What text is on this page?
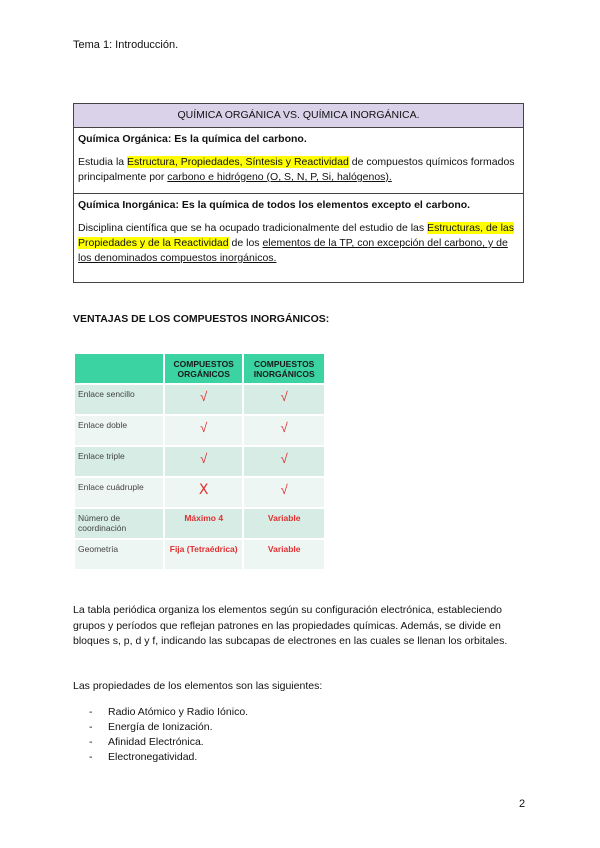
Tema 1: Introducción.
QUÍMICA ORGÁNICA VS. QUÍMICA INORGÁNICA.
Química Orgánica: Es la química del carbono.

Estudia la Estructura, Propiedades, Síntesis y Reactividad de compuestos químicos formados principalmente por carbono e hidrógeno (O, S, N, P, Si, halógenos).

Química Inorgánica: Es la química de todos los elementos excepto el carbono.

Disciplina científica que se ha ocupado tradicionalmente del estudio de las Estructuras, de las Propiedades y de la Reactividad de los elementos de la TP, con excepción del carbono, y de los denominados compuestos inorgánicos.

VENTAJAS DE LOS COMPUESTOS INORGÁNICOS:
	COMPUESTOS ORGÁNICOS	COMPUESTOS INORGÁNICOS
Enlace sencillo	√	√
Enlace doble	√	√
Enlace triple	√	√
Enlace cuádruple	X	√
Número de coordinación	Máximo 4	Variable
Geometría	Fija (Tetraédrica)	Variable
La tabla periódica organiza los elementos según su configuración electrónica, estableciendo grupos y períodos que reflejan patrones en las propiedades químicas. Además, se divide en bloques s, p, d y f, indicando las subcapas de electrones en las cuales se llenan los orbitales.
Las propiedades de los elementos son las siguientes:
- Radio Atómico y Radio Iónico.
- Energía de Ionización.
- Afinidad Electrónica.
- Electronegatividad.
2
